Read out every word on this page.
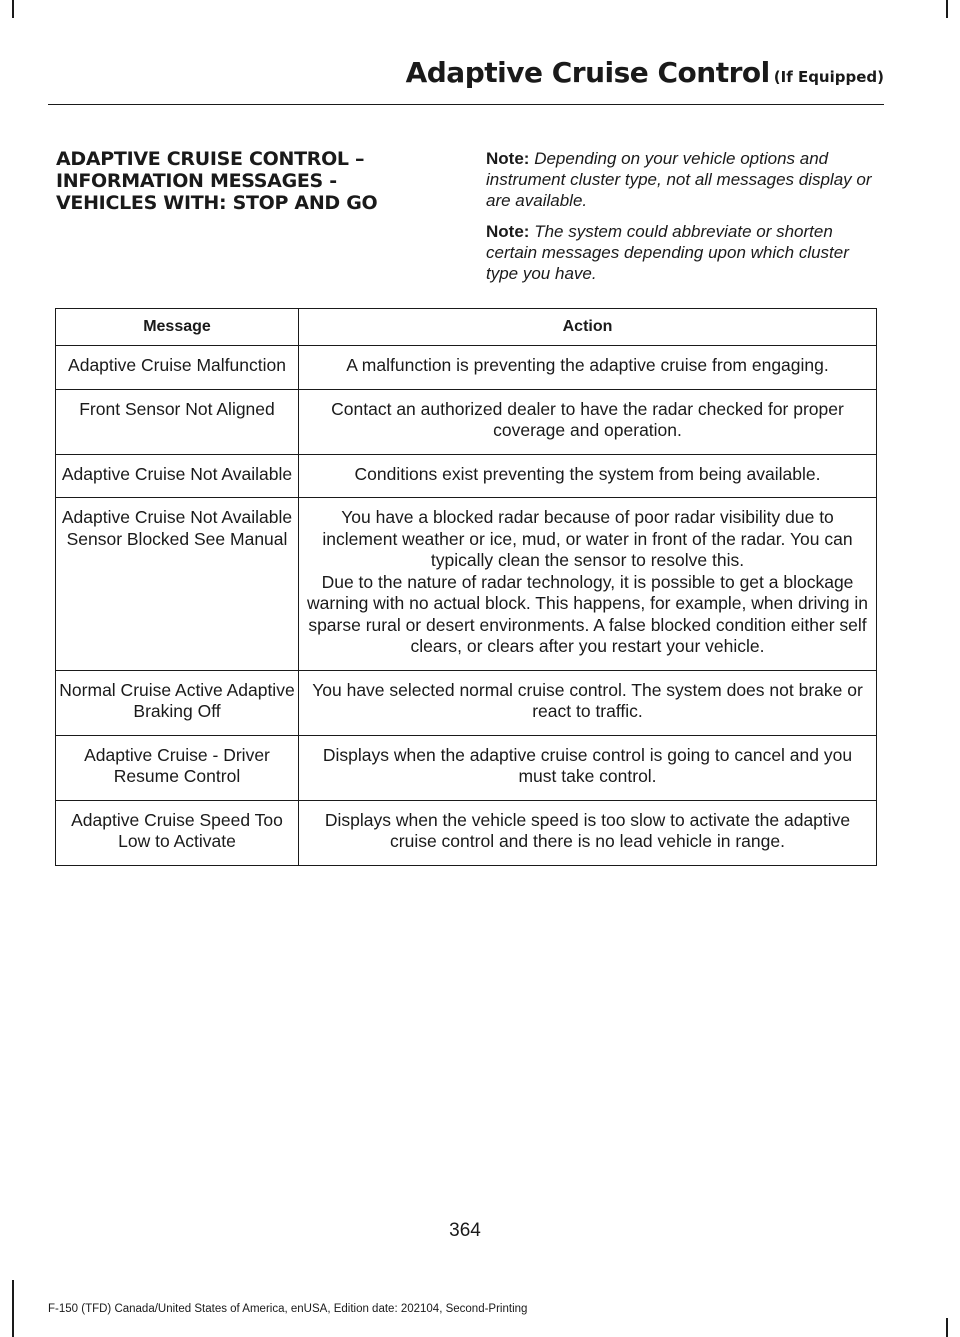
Adaptive Cruise Control (If Equipped)
ADAPTIVE CRUISE CONTROL –
INFORMATION MESSAGES -
VEHICLES WITH: STOP AND GO

Note: Depending on your vehicle options and instrument cluster type, not all messages display or are available.

Note: The system could abbreviate or shorten certain messages depending upon which cluster type you have.

Message	Action
Adaptive Cruise Malfunction	A malfunction is preventing the adaptive cruise from engaging.

Front Sensor Not Aligned	Contact an authorized dealer to have the radar checked for proper coverage and operation.

Adaptive Cruise Not Available	Conditions exist preventing the system from being available.

Adaptive Cruise Not Available Sensor Blocked See Manual	You have a blocked radar because of poor radar visibility due to inclement weather or ice, mud, or water in front of the radar. You can typically clean the sensor to resolve this.
Due to the nature of radar technology, it is possible to get a blockage warning with no actual block. This happens, for example, when driving in sparse rural or desert environments. A false blocked condition either self clears, or clears after you restart your vehicle.

Normal Cruise Active Adaptive Braking Off	You have selected normal cruise control. The system does not brake or react to traffic.

Adaptive Cruise - Driver Resume Control	Displays when the adaptive cruise control is going to cancel and you must take control.

Adaptive Cruise Speed Too Low to Activate	Displays when the vehicle speed is too slow to activate the adaptive cruise control and there is no lead vehicle in range.
364
F-150 (TFD) Canada/United States of America, enUSA, Edition date: 202104, Second-Printing
